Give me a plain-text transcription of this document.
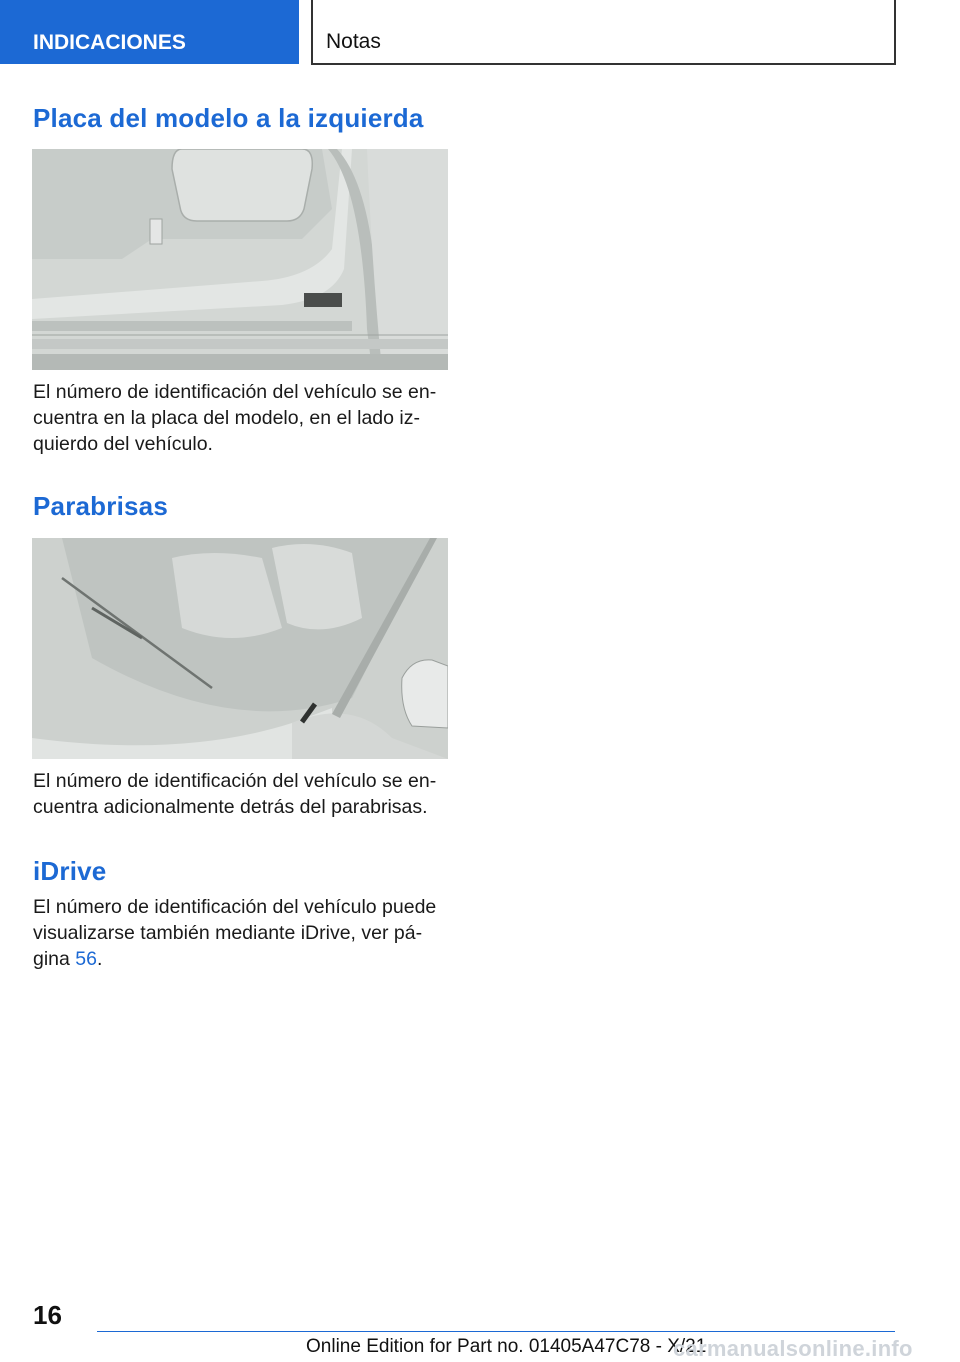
INDICACIONES	Notas
Placa del modelo a la izquierda

El número de identificación del vehículo se en-
cuentra en la placa del modelo, en el lado iz-
quierdo del vehículo.

Parabrisas

El número de identificación del vehículo se en-
cuentra adicionalmente detrás del parabrisas.

iDrive

El número de identificación del vehículo puede
visualizarse también mediante iDrive, ver pá-
gina 56.

16
Online Edition for Part no. 01405A47C78 - X/21
carmanualsonline.info
